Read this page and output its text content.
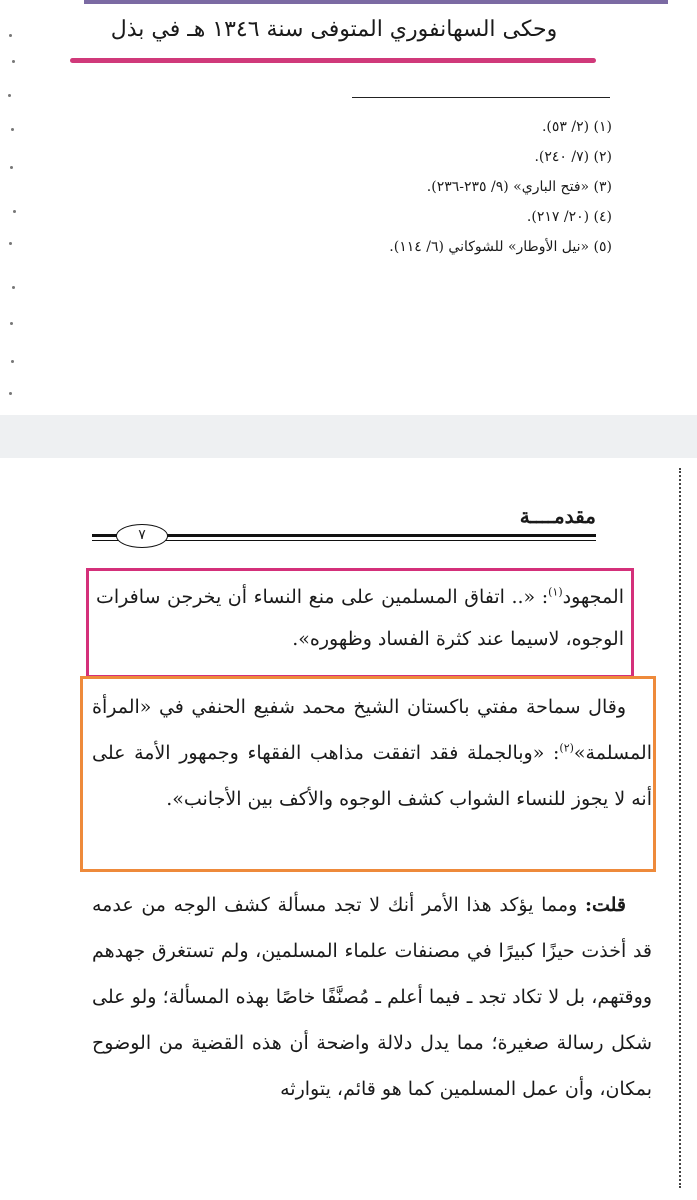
وحكى السهانفوري المتوفى سنة ١٣٤٦ هـ في بذل
(١) (٢/ ٥٣).
(٢) (٧/ ٢٤٠).
(٣) «فتح الباري» (٩/ ٢٣٥-٢٣٦).
(٤) (٢٠/ ٢١٧).
(٥) «نيل الأوطار» للشوكاني (٦/ ١١٤).
مقدمــــة
٧

المجهود$^{(١)}$: «.. اتفاق المسلمين على منع النساء أن يخرجن سافرات الوجوه، لاسيما عند كثرة الفساد وظهوره».

وقال سماحة مفتي باكستان الشيخ محمد شفيع الحنفي في «المرأة المسلمة»$^{(٢)}$: «وبالجملة فقد اتفقت مذاهب الفقهاء وجمهور الأمة على أنه لا يجوز للنساء الشواب كشف الوجوه والأكف بين الأجانب».

قلت: ومما يؤكد هذا الأمر أنك لا تجد مسألة كشف الوجه من عدمه قد أخذت حيزًا كبيرًا في مصنفات علماء المسلمين، ولم تستغرق جهدهم ووقتهم، بل لا تكاد تجد ـ فيما أعلم ـ مُصنَّفًا خاصًا بهذه المسألة؛ ولو على شكل رسالة صغيرة؛ مما يدل دلالة واضحة أن هذه القضية من الوضوح بمكان، وأن عمل المسلمين كما هو قائم، يتوارثه
